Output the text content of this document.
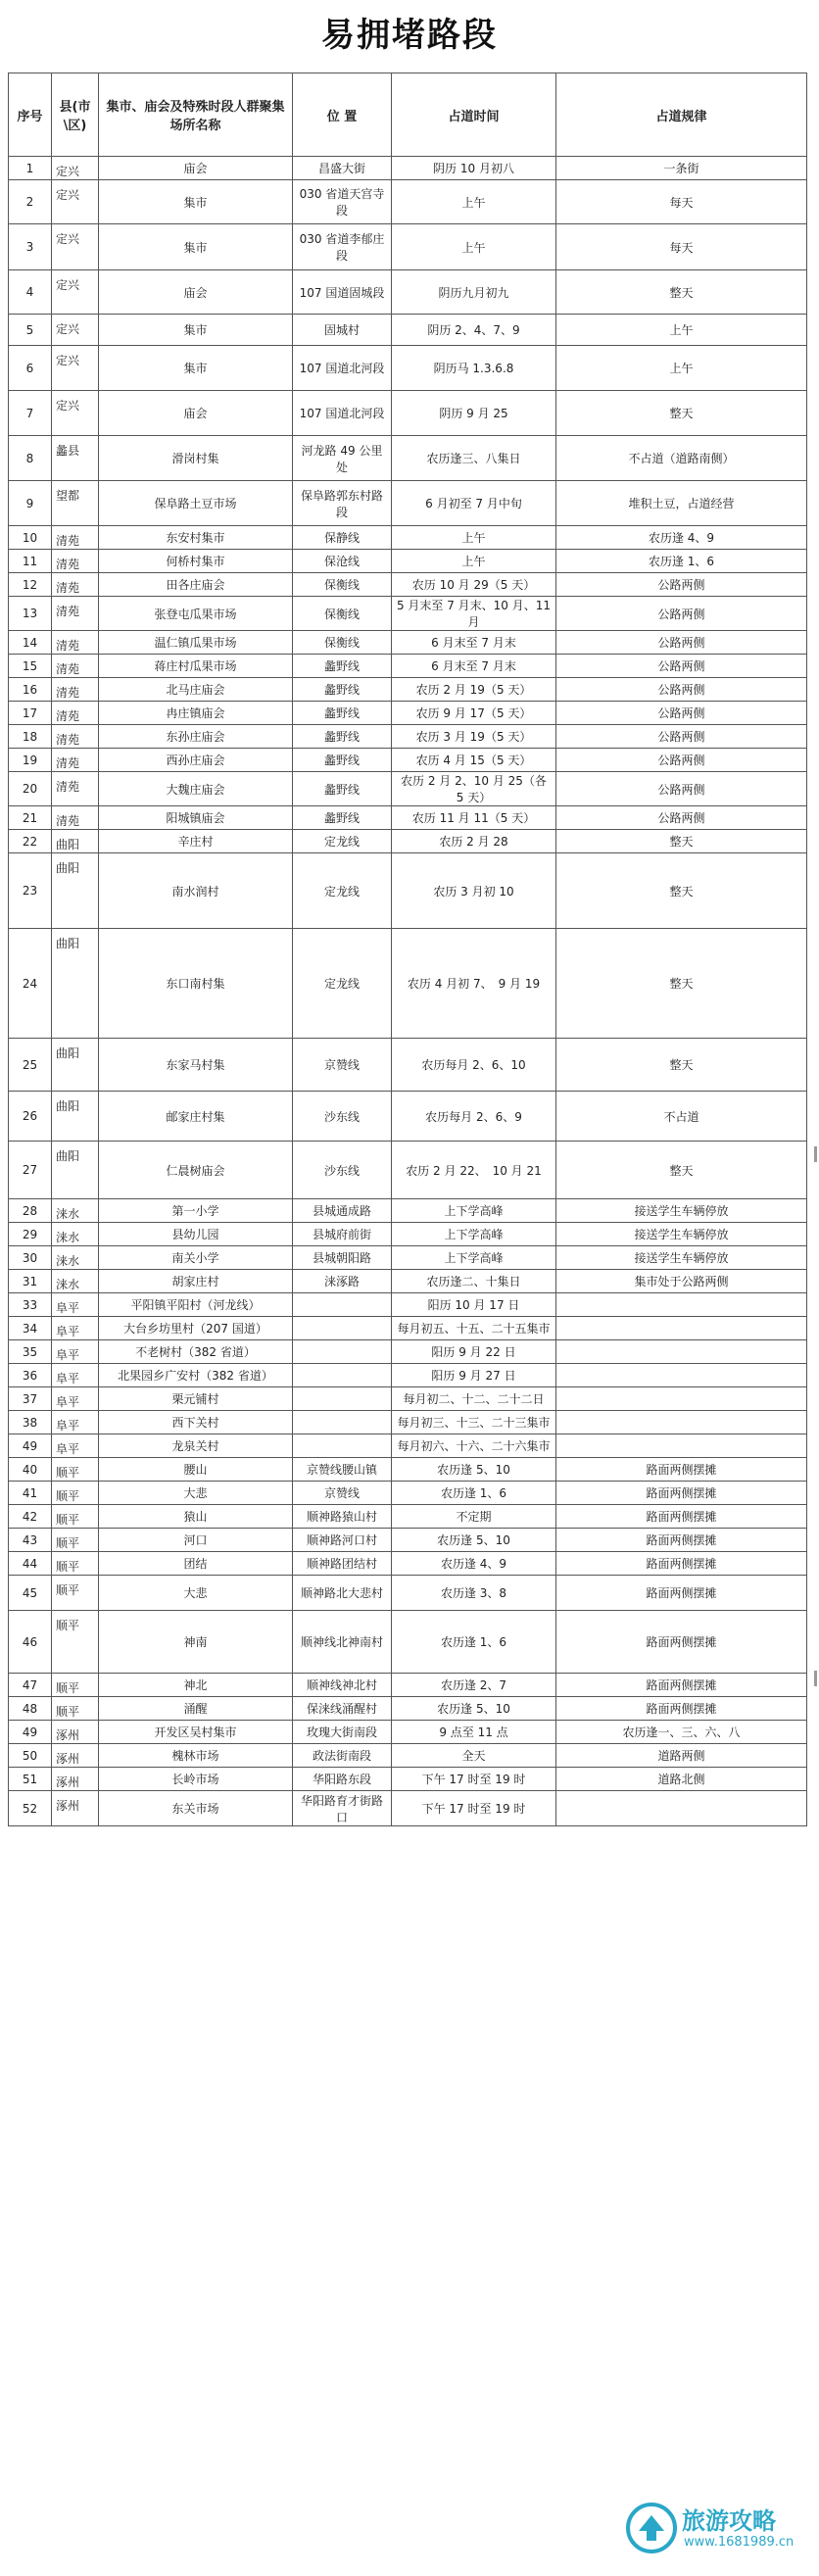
易拥堵路段
序号	县(市\区)	集市、庙会及特殊时段人群聚集场所名称	位 置	占道时间	占道规律
1	定兴	庙会	昌盛大街	阴历 10 月初八	一条街
2	定兴	集市	030 省道天宫寺段	上午	每天
3	定兴	集市	030 省道李郁庄段	上午	每天
4	定兴	庙会	107 国道固城段	阴历九月初九	整天
5	定兴	集市	固城村	阴历 2、4、7、9	上午
6	定兴	集市	107 国道北河段	阴历马 1.3.6.8	上午
7	定兴	庙会	107 国道北河段	阴历 9 月 25	整天
8	蠡县	滑岗村集	河龙路 49 公里处	农历逢三、八集日	不占道（道路南侧）
9	望都	保阜路土豆市场	保阜路郭东村路段	6 月初至 7 月中旬	堆积土豆，占道经营
10	清苑	东安村集市	保静线	上午	农历逢 4、9
11	清苑	何桥村集市	保沧线	上午	农历逢 1、6
12	清苑	田各庄庙会	保衡线	农历 10 月 29（5 天）	公路两侧
13	清苑	张登屯瓜果市场	保衡线	5 月末至 7 月末、10 月、11 月	公路两侧
14	清苑	温仁镇瓜果市场	保衡线	6 月末至 7 月末	公路两侧
15	清苑	蒋庄村瓜果市场	蠡野线	6 月末至 7 月末	公路两侧
16	清苑	北马庄庙会	蠡野线	农历 2 月 19（5 天）	公路两侧
17	清苑	冉庄镇庙会	蠡野线	农历 9 月 17（5 天）	公路两侧
18	清苑	东孙庄庙会	蠡野线	农历 3 月 19（5 天）	公路两侧
19	清苑	西孙庄庙会	蠡野线	农历 4 月 15（5 天）	公路两侧
20	清苑	大魏庄庙会	蠡野线	农历 2 月 2、10 月 25（各 5 天）	公路两侧
21	清苑	阳城镇庙会	蠡野线	农历 11 月 11（5 天）	公路两侧
22	曲阳	辛庄村	定龙线	农历 2 月 28	整天
23	曲阳	南水润村	定龙线	农历 3 月初 10	整天
24	曲阳	东口南村集	定龙线	农历 4 月初 7、　9 月 19	整天
25	曲阳	东家马村集	京赞线	农历每月 2、6、10	整天
26	曲阳	邮家庄村集	沙东线	农历每月 2、6、9	不占道
27	曲阳	仁晨树庙会	沙东线	农历 2 月 22、　10 月 21	整天
28	涞水	第一小学	县城通成路	上下学高峰	接送学生车辆停放
29	涞水	县幼儿园	县城府前街	上下学高峰	接送学生车辆停放
30	涞水	南关小学	县城朝阳路	上下学高峰	接送学生车辆停放
31	涞水	胡家庄村	涞涿路	农历逢二、十集日	集市处于公路两侧
33	阜平	平阳镇平阳村（河龙线）		阳历 10 月 17 日	
34	阜平	大台乡坊里村（207 国道）		每月初五、十五、二十五集市	
35	阜平	不老树村（382 省道）		阳历 9 月 22 日	
36	阜平	北果园乡广安村（382 省道）		阳历 9 月 27 日	
37	阜平	栗元铺村		每月初二、十二、二十二日	
38	阜平	西下关村		每月初三、十三、二十三集市	
49	阜平	龙泉关村		每月初六、十六、二十六集市	
40	顺平	腰山	京赞线腰山镇	农历逢 5、10	路面两侧摆摊
41	顺平	大悲	京赞线	农历逢 1、6	路面两侧摆摊
42	顺平	猿山	顺神路猿山村	不定期	路面两侧摆摊
43	顺平	河口	顺神路河口村	农历逢 5、10	路面两侧摆摊
44	顺平	团结	顺神路团结村	农历逢 4、9	路面两侧摆摊
45	顺平	大悲	顺神路北大悲村	农历逢 3、8	路面两侧摆摊
46	顺平	神南	顺神线北神南村	农历逢 1、6	路面两侧摆摊
47	顺平	神北	顺神线神北村	农历逢 2、7	路面两侧摆摊
48	顺平	涌醒	保涞线涌醒村	农历逢 5、10	路面两侧摆摊
49	涿州	开发区吴村集市	玫瑰大街南段	9 点至 11 点	农历逢一、三、六、八
50	涿州	槐林市场	政法街南段	全天	道路两侧
51	涿州	长岭市场	华阳路东段	下午 17 时至 19 时	道路北侧
52	涿州	东关市场	华阳路育才街路口	下午 17 时至 19 时	
旅游攻略
www.1681989.cn
